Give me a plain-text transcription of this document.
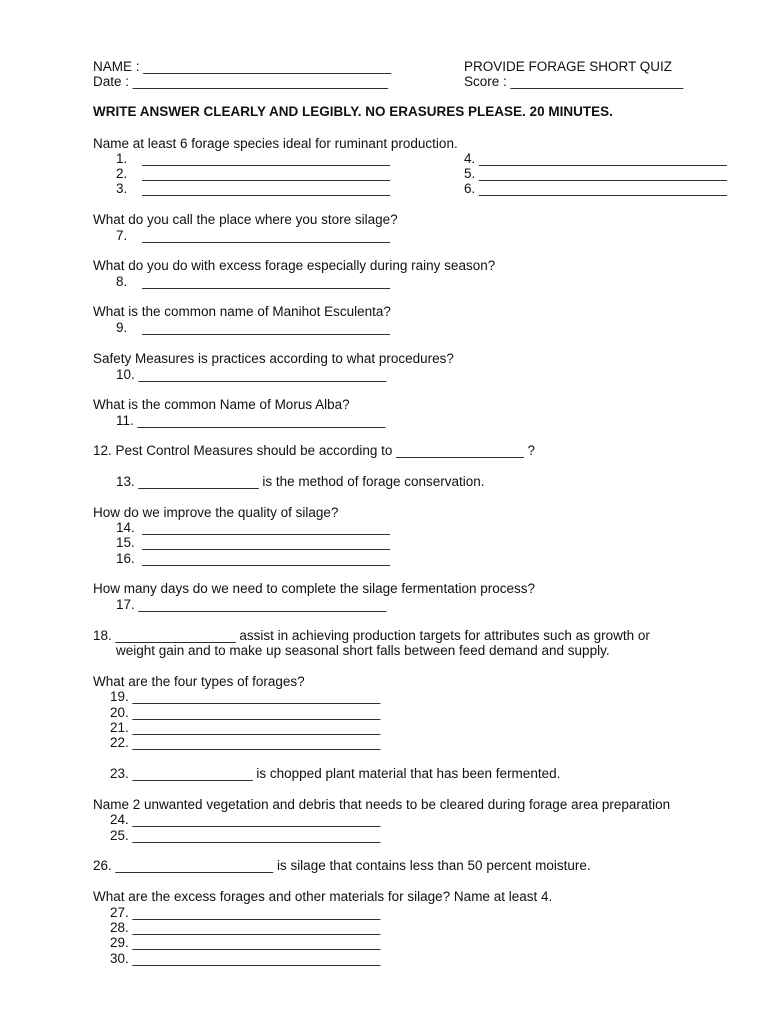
NAME : _________________________________
Date : __________________________________
PROVIDE FORAGE SHORT QUIZ
Score : _______________________
WRITE ANSWER CLEARLY AND LEGIBLY. NO ERASURES PLEASE. 20 MINUTES.
Name at least 6 forage species ideal for ruminant production.
1.    _________________________________
2.    _________________________________
3.    _________________________________
4. _________________________________
5. _________________________________
6. _________________________________
What do you call the place where you store silage?
7.    _________________________________
What do you do with excess forage especially during rainy season?
8.    _________________________________
What is the common name of Manihot Esculenta?
9.    _________________________________
Safety Measures is practices according to what procedures?
10. _________________________________
What is the common Name of Morus Alba?
11. _________________________________
12. Pest Control Measures should be according to _________________ ?
13. ________________ is the method of forage conservation.
How do we improve the quality of silage?
14.  _________________________________
15.  _________________________________
16.  _________________________________
How many days do we need to complete the silage fermentation process?
17. _________________________________
18. ________________ assist in achieving production targets for attributes such as growth or
weight gain and to make up seasonal short falls between feed demand and supply.
What are the four types of forages?
19. _________________________________
20. _________________________________
21. _________________________________
22. _________________________________
23. ________________ is chopped plant material that has been fermented.
Name 2 unwanted vegetation and debris that needs to be cleared during forage area preparation
24. _________________________________
25. _________________________________
26. _____________________ is silage that contains less than 50 percent moisture.
What are the excess forages and other materials for silage? Name at least 4.
27. _________________________________
28. _________________________________
29. _________________________________
30. _________________________________
